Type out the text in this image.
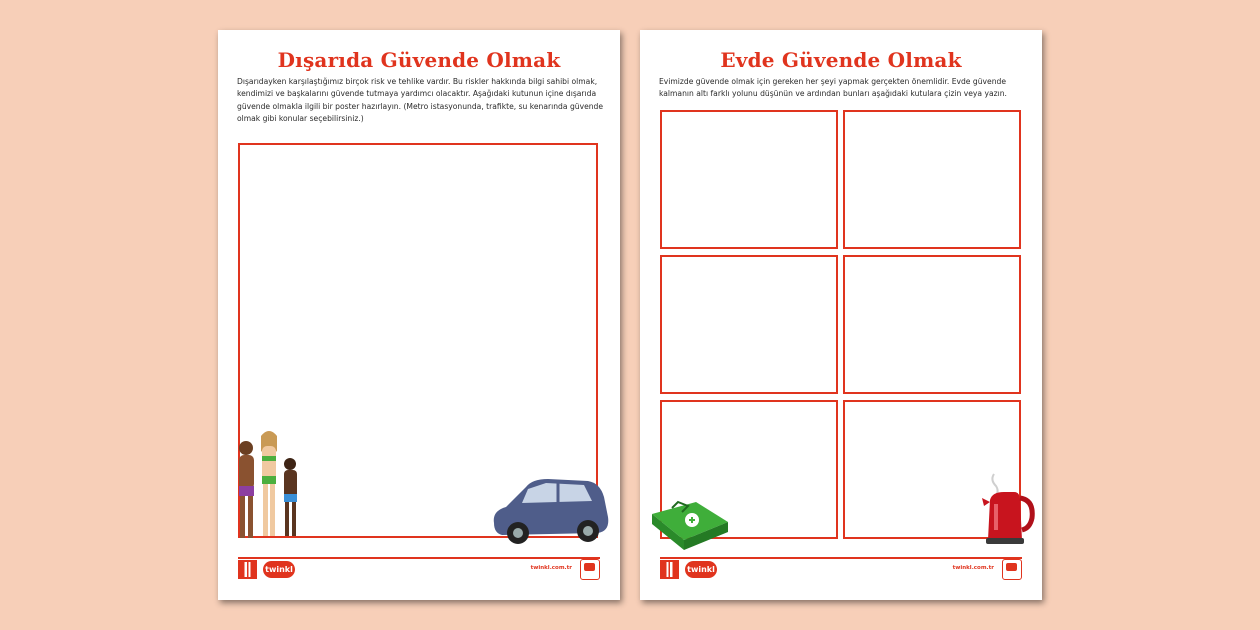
Dışarıda Güvende Olmak
Dışarıdayken karşılaştığımız birçok risk ve tehlike vardır. Bu riskler hakkında bilgi sahibi olmak, kendimizi ve başkalarını güvende tutmaya yardımcı olacaktır. Aşağıdaki kutunun içine dışarıda güvende olmakla ilgili bir poster hazırlayın. (Metro istasyonunda, trafikte, su kenarında güvende olmak gibi konular seçebilirsiniz.)
twinkl	twinkl.com.tr
Evde Güvende Olmak
Evimizde güvende olmak için gereken her şeyi yapmak gerçekten önemlidir. Evde güvende kalmanın altı farklı yolunu düşünün ve ardından bunları aşağıdaki kutulara çizin veya yazın.
twinkl	twinkl.com.tr
